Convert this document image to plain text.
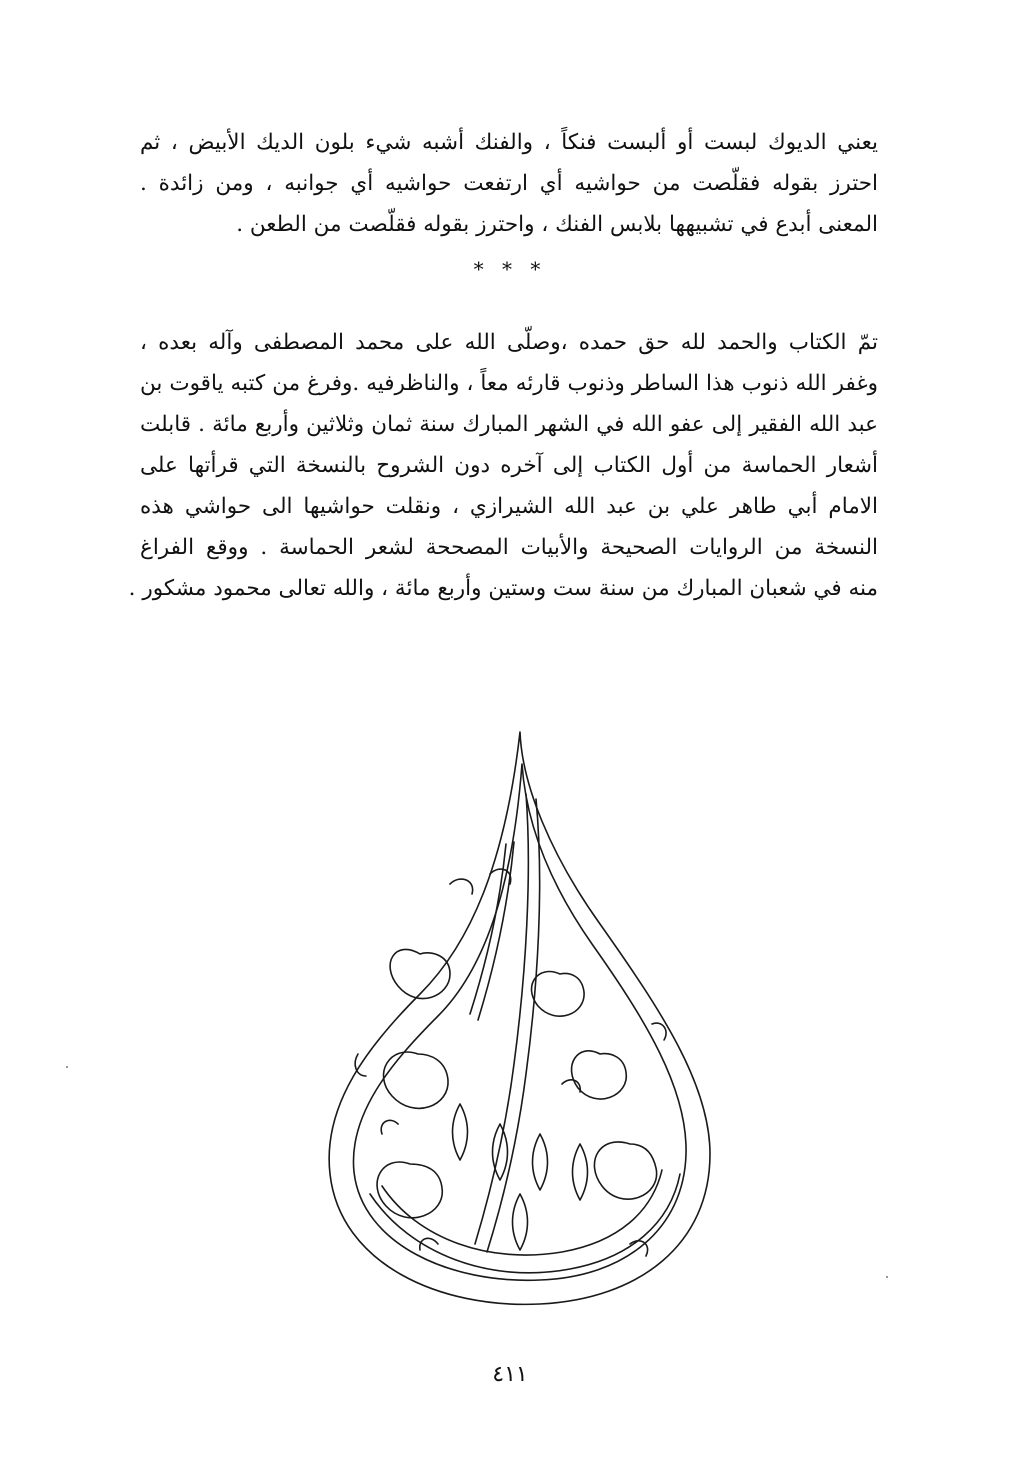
يعني الديوك لبست أو ألبست فنكاً ، والفنك أشبه شيء بلون الديك الأبيض ، ثم
احترز بقوله فقلّصت من حواشيه أي ارتفعت حواشيه أي جوانبه ، ومن زائدة .
المعنى أبدع في تشبيهها بلابس الفنك ، واحترز بقوله فقلّصت من الطعن .
* * *
تمّ الكتاب والحمد لله حق حمده ،وصلّى الله على محمد المصطفى وآله بعده ،
وغفر الله ذنوب هذا الساطر وذنوب قارئه معاً ، والناظرفيه .وفرغ من كتبه ياقوت بن
عبد الله الفقير إلى عفو الله في الشهر المبارك سنة ثمان وثلاثين وأربع مائة . قابلت
أشعار الحماسة من أول الكتاب إلى آخره دون الشروح بالنسخة التي قرأتها على
الامام أبي طاهر علي بن عبد الله الشيرازي ، ونقلت حواشيها الى حواشي هذه
النسخة من الروايات الصحيحة والأبيات المصححة لشعر الحماسة . ووقع الفراغ
منه في شعبان المبارك من سنة ست وستين وأربع مائة ، والله تعالى محمود مشكور .
٤١١
